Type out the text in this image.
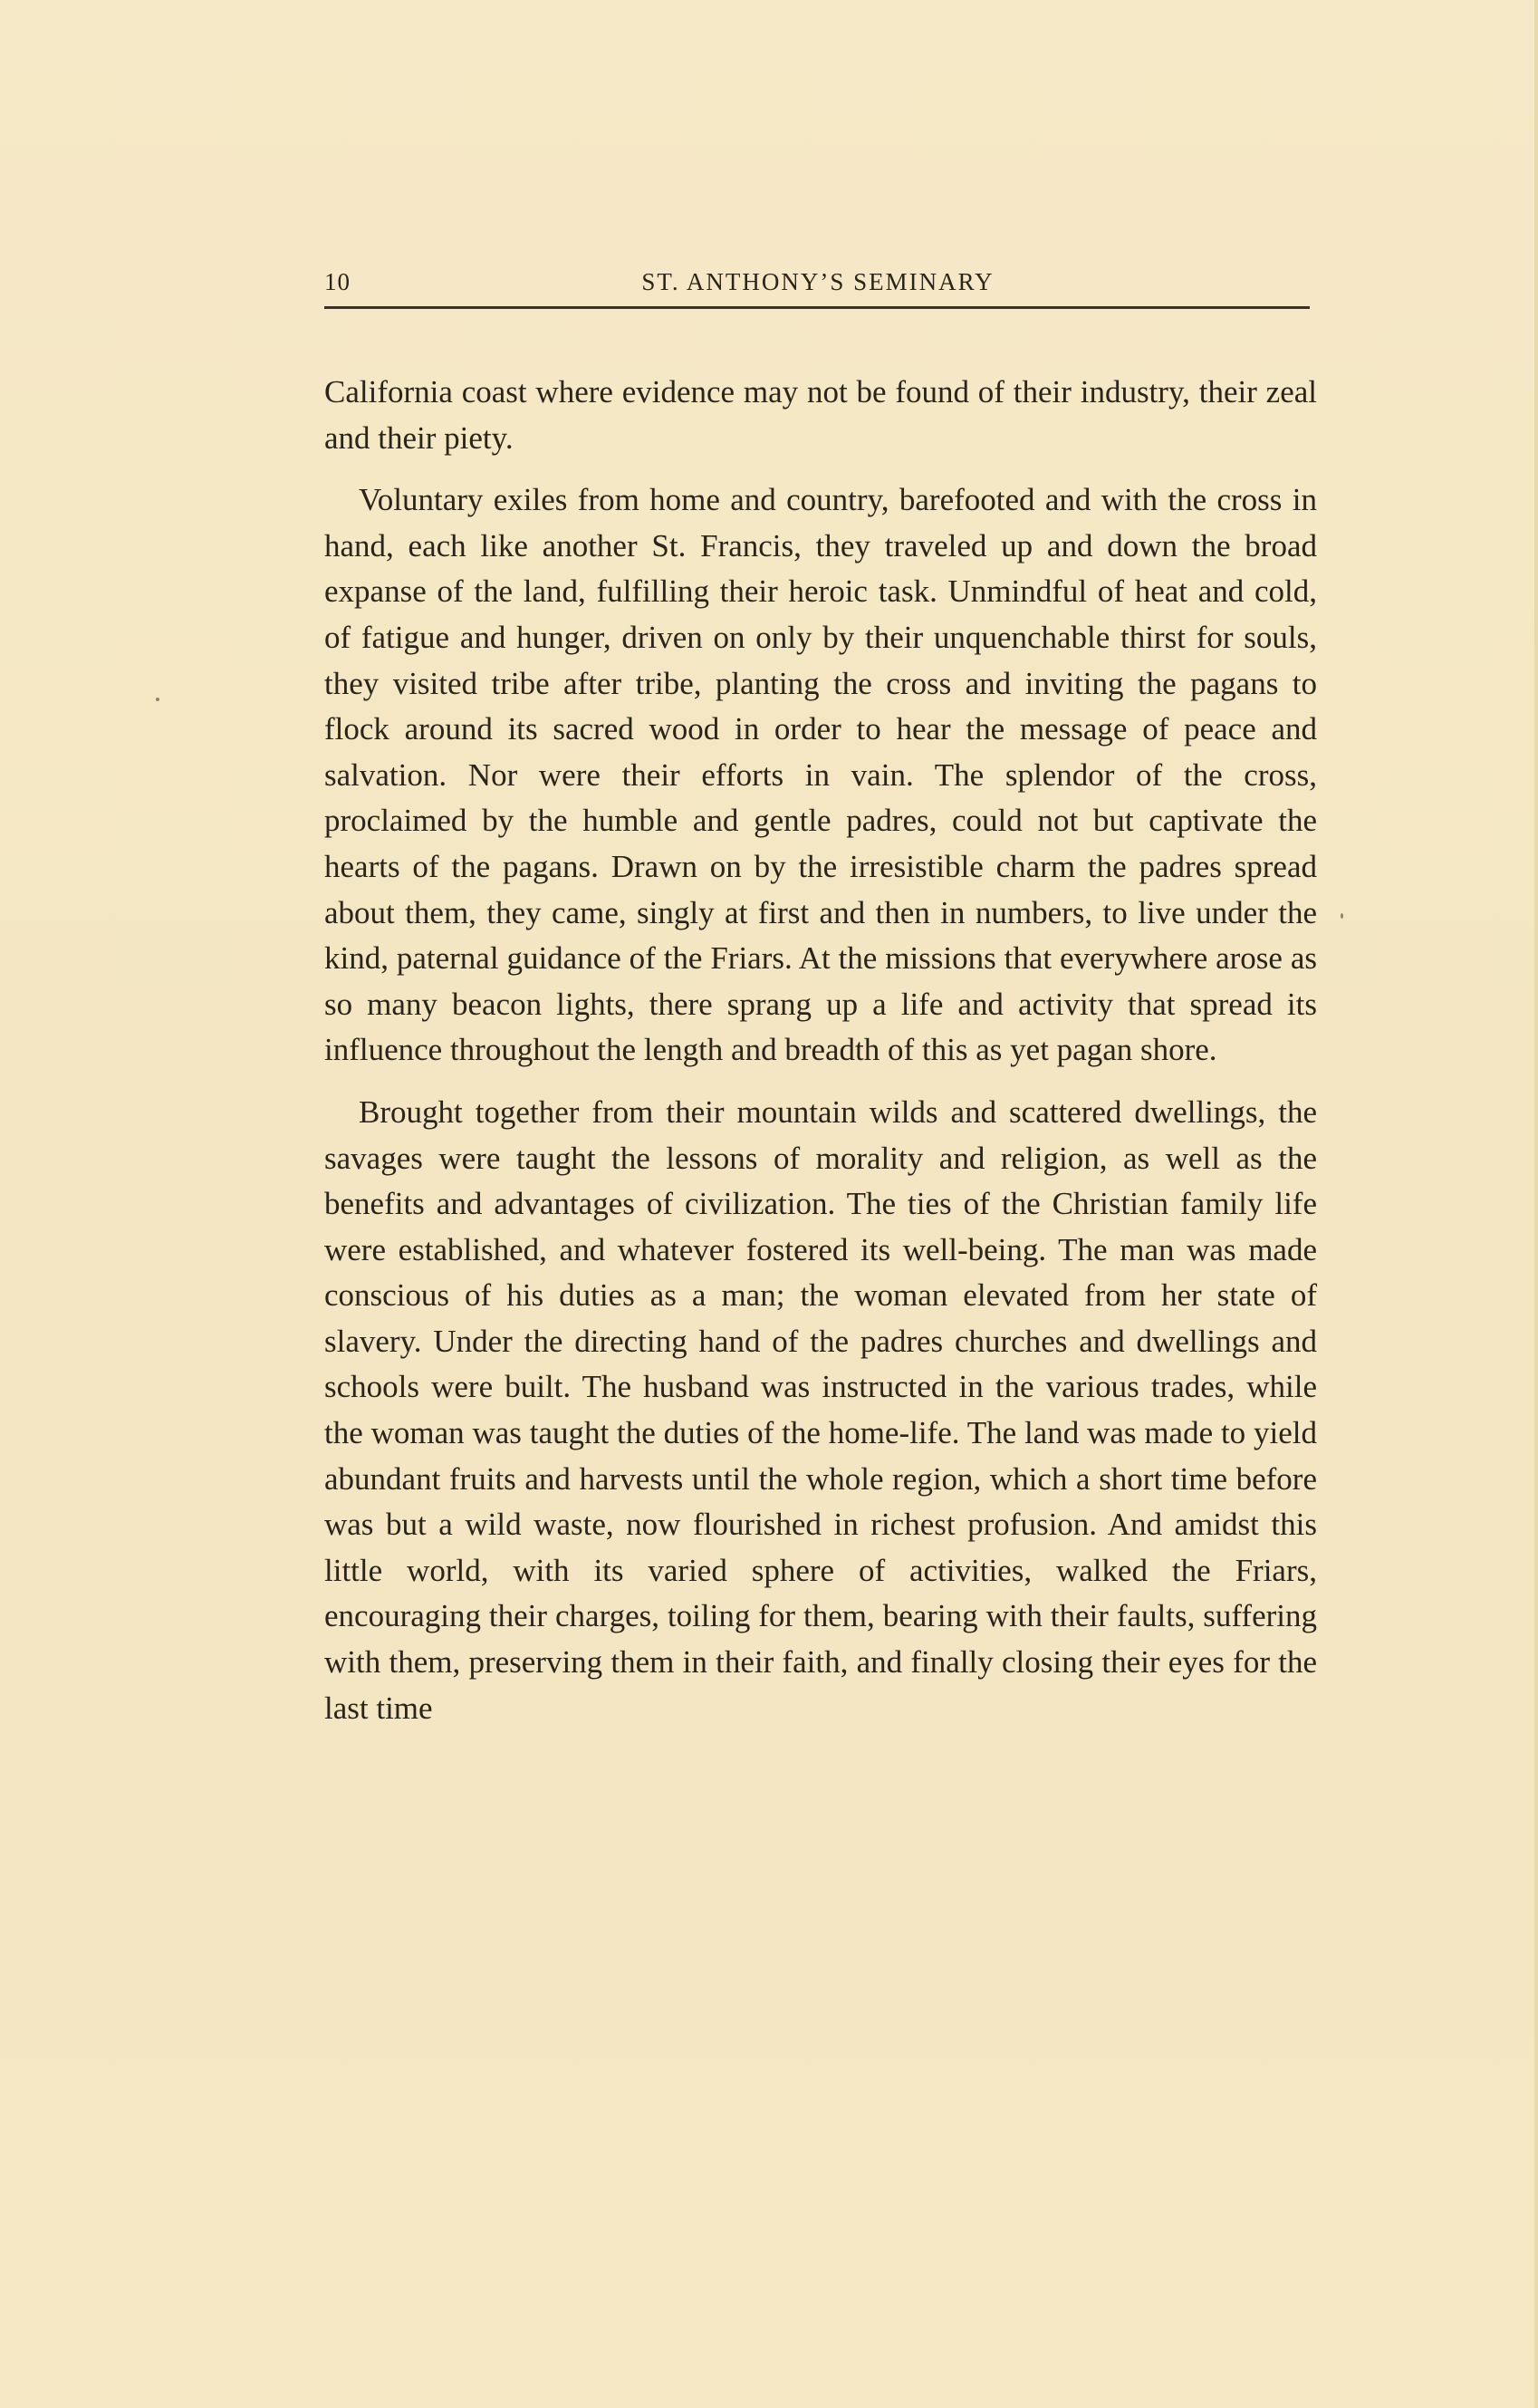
10	ST. ANTHONY’S SEMINARY

California coast where evidence may not be found of their industry, their zeal and their piety.

Voluntary exiles from home and country, barefooted and with the cross in hand, each like another St. Francis, they traveled up and down the broad expanse of the land, fulfilling their heroic task. Unmindful of heat and cold, of fatigue and hunger, driven on only by their unquenchable thirst for souls, they visited tribe after tribe, planting the cross and inviting the pagans to flock around its sacred wood in order to hear the message of peace and salvation. Nor were their efforts in vain. The splendor of the cross, proclaimed by the humble and gentle padres, could not but captivate the hearts of the pagans. Drawn on by the irresistible charm the padres spread about them, they came, singly at first and then in numbers, to live under the kind, paternal guidance of the Friars. At the missions that everywhere arose as so many beacon lights, there sprang up a life and activity that spread its influence throughout the length and breadth of this as yet pagan shore.

Brought together from their mountain wilds and scattered dwellings, the savages were taught the lessons of morality and religion, as well as the benefits and advantages of civilization. The ties of the Christian family life were established, and whatever fostered its well-being. The man was made conscious of his duties as a man; the woman elevated from her state of slavery. Under the directing hand of the padres churches and dwellings and schools were built. The husband was instructed in the various trades, while the woman was taught the duties of the home-life. The land was made to yield abundant fruits and harvests until the whole region, which a short time before was but a wild waste, now flourished in richest profusion. And amidst this little world, with its varied sphere of activities, walked the Friars, encouraging their charges, toiling for them, bearing with their faults, suffering with them, preserving them in their faith, and finally closing their eyes for the last time
